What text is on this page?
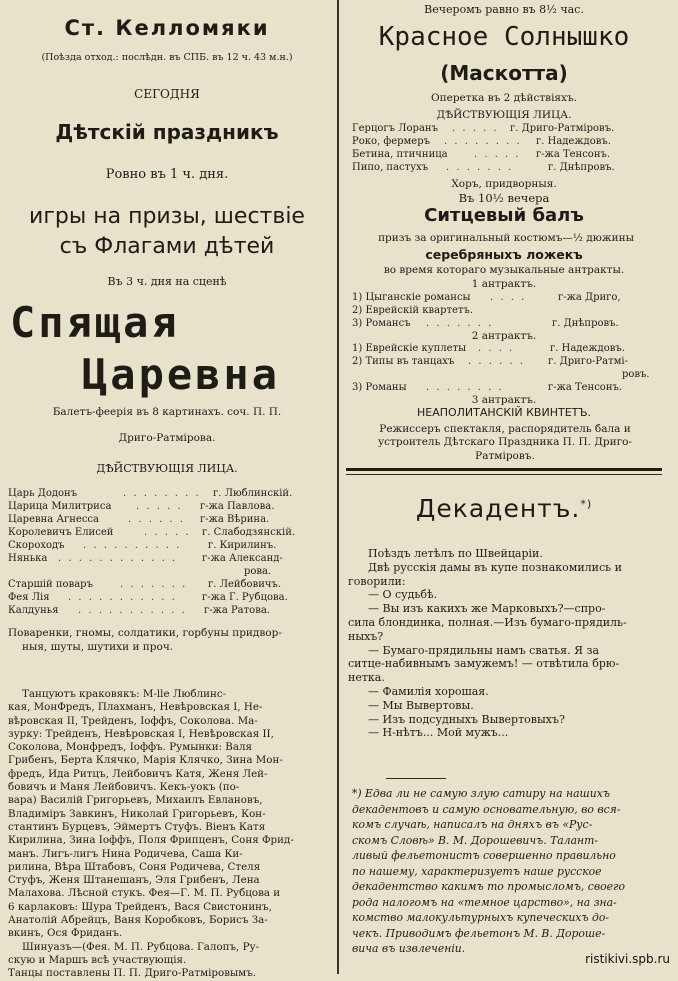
Ст. Келломяки
(Поѣзда отход.: послѣдн. въ СПБ. въ 12 ч. 43 м.н.)
СЕГОДНЯ
Дѣтскій праздникъ
Ровно въ 1 ч. дня.
игры на призы, шествіе
съ Флагами дѣтей
Въ 3 ч. дня на сценѣ
Спящая
Царевна
Балетъ-феерія въ 8 картинахъ. соч. П. П.
Дриго-Ратмірова.
ДѢЙСТВУЮЩІЯ ЛИЦА.
Царь Додонъ	. . . . . . . . г. Люблинскій.
Царица Милитриса . . . . . г-жа Павлова.
Царевна Агнесса	. . . . . . г-жа Вѣрина.
Королевичъ Елисей	. . . . . г. Слабодзянскій.
Скороходъ . . . . . . . . . .	г. Кирилинъ.
Нянька . . . . . . . . . . . . г-жа Александ-
рова.
Старшій поваръ	. . . . . . . г. Лейбовичъ.
Фея Лія . . . . . . . . . . .	г-жа Г. Рубцова.
Калдунья . . . . . . . . . . . г-жа Ратова.
Поваренки, гномы, солдатики, горбуны придвор-
ныя, шуты, шутихи и проч.
Танцуютъ краковякъ: М-lle Люблинс-
кая, МонФредъ, Плахманъ, Невѣровская І, Не-
вѣровская ІІ, Трейденъ, Іоффъ, Соколова. Ма-
зурку: Трейденъ, Невѣровская І, Невѣровская ІІ,
Соколова, Монфредъ, Іоффъ. Румынки: Валя
Грибенъ, Берта Клячко, Марія Клячко, Зина Мон-
фредъ, Ида Ритцъ, Лейбовичъ Катя, Женя Лей-
бовичъ и Маня Лейбовичъ. Кекъ-уокъ (по-
вара) Василій Григорьевъ, Михаилъ Евлановъ,
Владиміръ Завкинъ, Николай Григорьевъ, Кон-
стантинъ Бурцевъ, Эймертъ Стуфъ. Віенъ Катя
Кирилина, Зина Іоффъ, Поля Фрипценъ, Соня Фрид-
манъ. Лигъ-лигъ Нина Родичева, Саша Ки-
рилина, Вѣра Штабовъ, Соня Родичева, Стеля
Стуфъ, Женя Штанешанъ, Эля Грибенъ, Лена
Малахова. Лѣсной стукъ. Фея—Г. М. П. Рубцова и
6 карлаковъ: Шура Трейденъ, Вася Свистонинъ,
Анатолій Абрейцъ, Ваня Коробковъ, Борисъ За-
вкинъ, Ося Фриданъ.
Шинуазъ—(Фея. М. П. Рубцова. Галопъ, Ру-
скую и Маршъ всѣ участвующія.
Танцы поставлены П. П. Дриго-Ратміровымъ.
Вечеромъ равно въ 8½ час.
Красное Солнышко
(Маскотта)
Оперетка въ 2 дѣйствіяхъ.
ДѢЙСТВУЮЩІЯ ЛИЦА.
Герцогъ Лоранъ . . . . . г. Дриго-Ратміровъ.
Роко, фермеръ . . . . . . . . г. Надеждовъ.
Бетина, птичница	. . . . . г-жа Тенсонъ.
Пипо, пастухъ . . . . . . .	г. Днѣпровъ.
Хоръ, придворныя.
Въ 10½ вечера
Ситцевый балъ
призъ за оригинальный костюмъ—½ дюжины
серебряныхъ ложекъ
во время котораго музыкальные антракты.
1 антрактъ.
1) Цыганскіе романсы . . . .	г-жа Дриго,
2) Еврейскій квартетъ.
3) Романсъ . . . . . . .	г. Днѣпровъ.
2 антрактъ.
1) Еврейскіе куплеты . . . .	г. Надеждовъ.
2) Типы въ танцахъ . . . . . . г. Дриго-Ратмі-
ровъ.
3) Романы . . . . . . . .	г-жа Тенсонъ.
3 антрактъ.
НЕАПОЛИТАНСКІЙ КВИНТЕТЪ.
Режиссеръ спектакля, распорядитель бала и
устроитель Дѣтскаго Праздника П. П. Дриго-
Ратміровъ.
Декадентъ.*)
Поѣздъ летѣлъ по Швейцаріи.
Двѣ русскія дамы въ купе познакомились и
говорили:
— О судьбѣ.
— Вы изъ какихъ же Марковыхъ?—спро-
сила блондинка, полная.—Изъ бумаго-прядиль-
ныхъ?
— Бумаго-прядильны намъ сватья. Я за
ситце-набивнымъ замужемъ! — отвѣтила брю-
нетка.
— Фамилія хорошая.
— Мы Вывертовы.
— Изъ подсудныхъ Вывертовыхъ?
— Н-нѣтъ... Мой мужъ...
*) Едва ли не самую злую сатиру на нашихъ
декадентовъ и самую основательную, во вся-
комъ случаѣ, написалъ на дняхъ въ «Рус-
скомъ Словѣ» В. М. Дорошевичъ. Талант-
ливый фельетонистъ совершенно правильно
по нашему, характеризуетъ наше русское
декадентство какимъ то промысломъ, своего
рода налогомъ на «темное царство», на зна-
комство малокультурныхъ купеческихъ до-
чекъ. Приводимъ фельетонъ М. В. Дороше-
вича въ извлеченіи.
ristikivi.spb.ru
